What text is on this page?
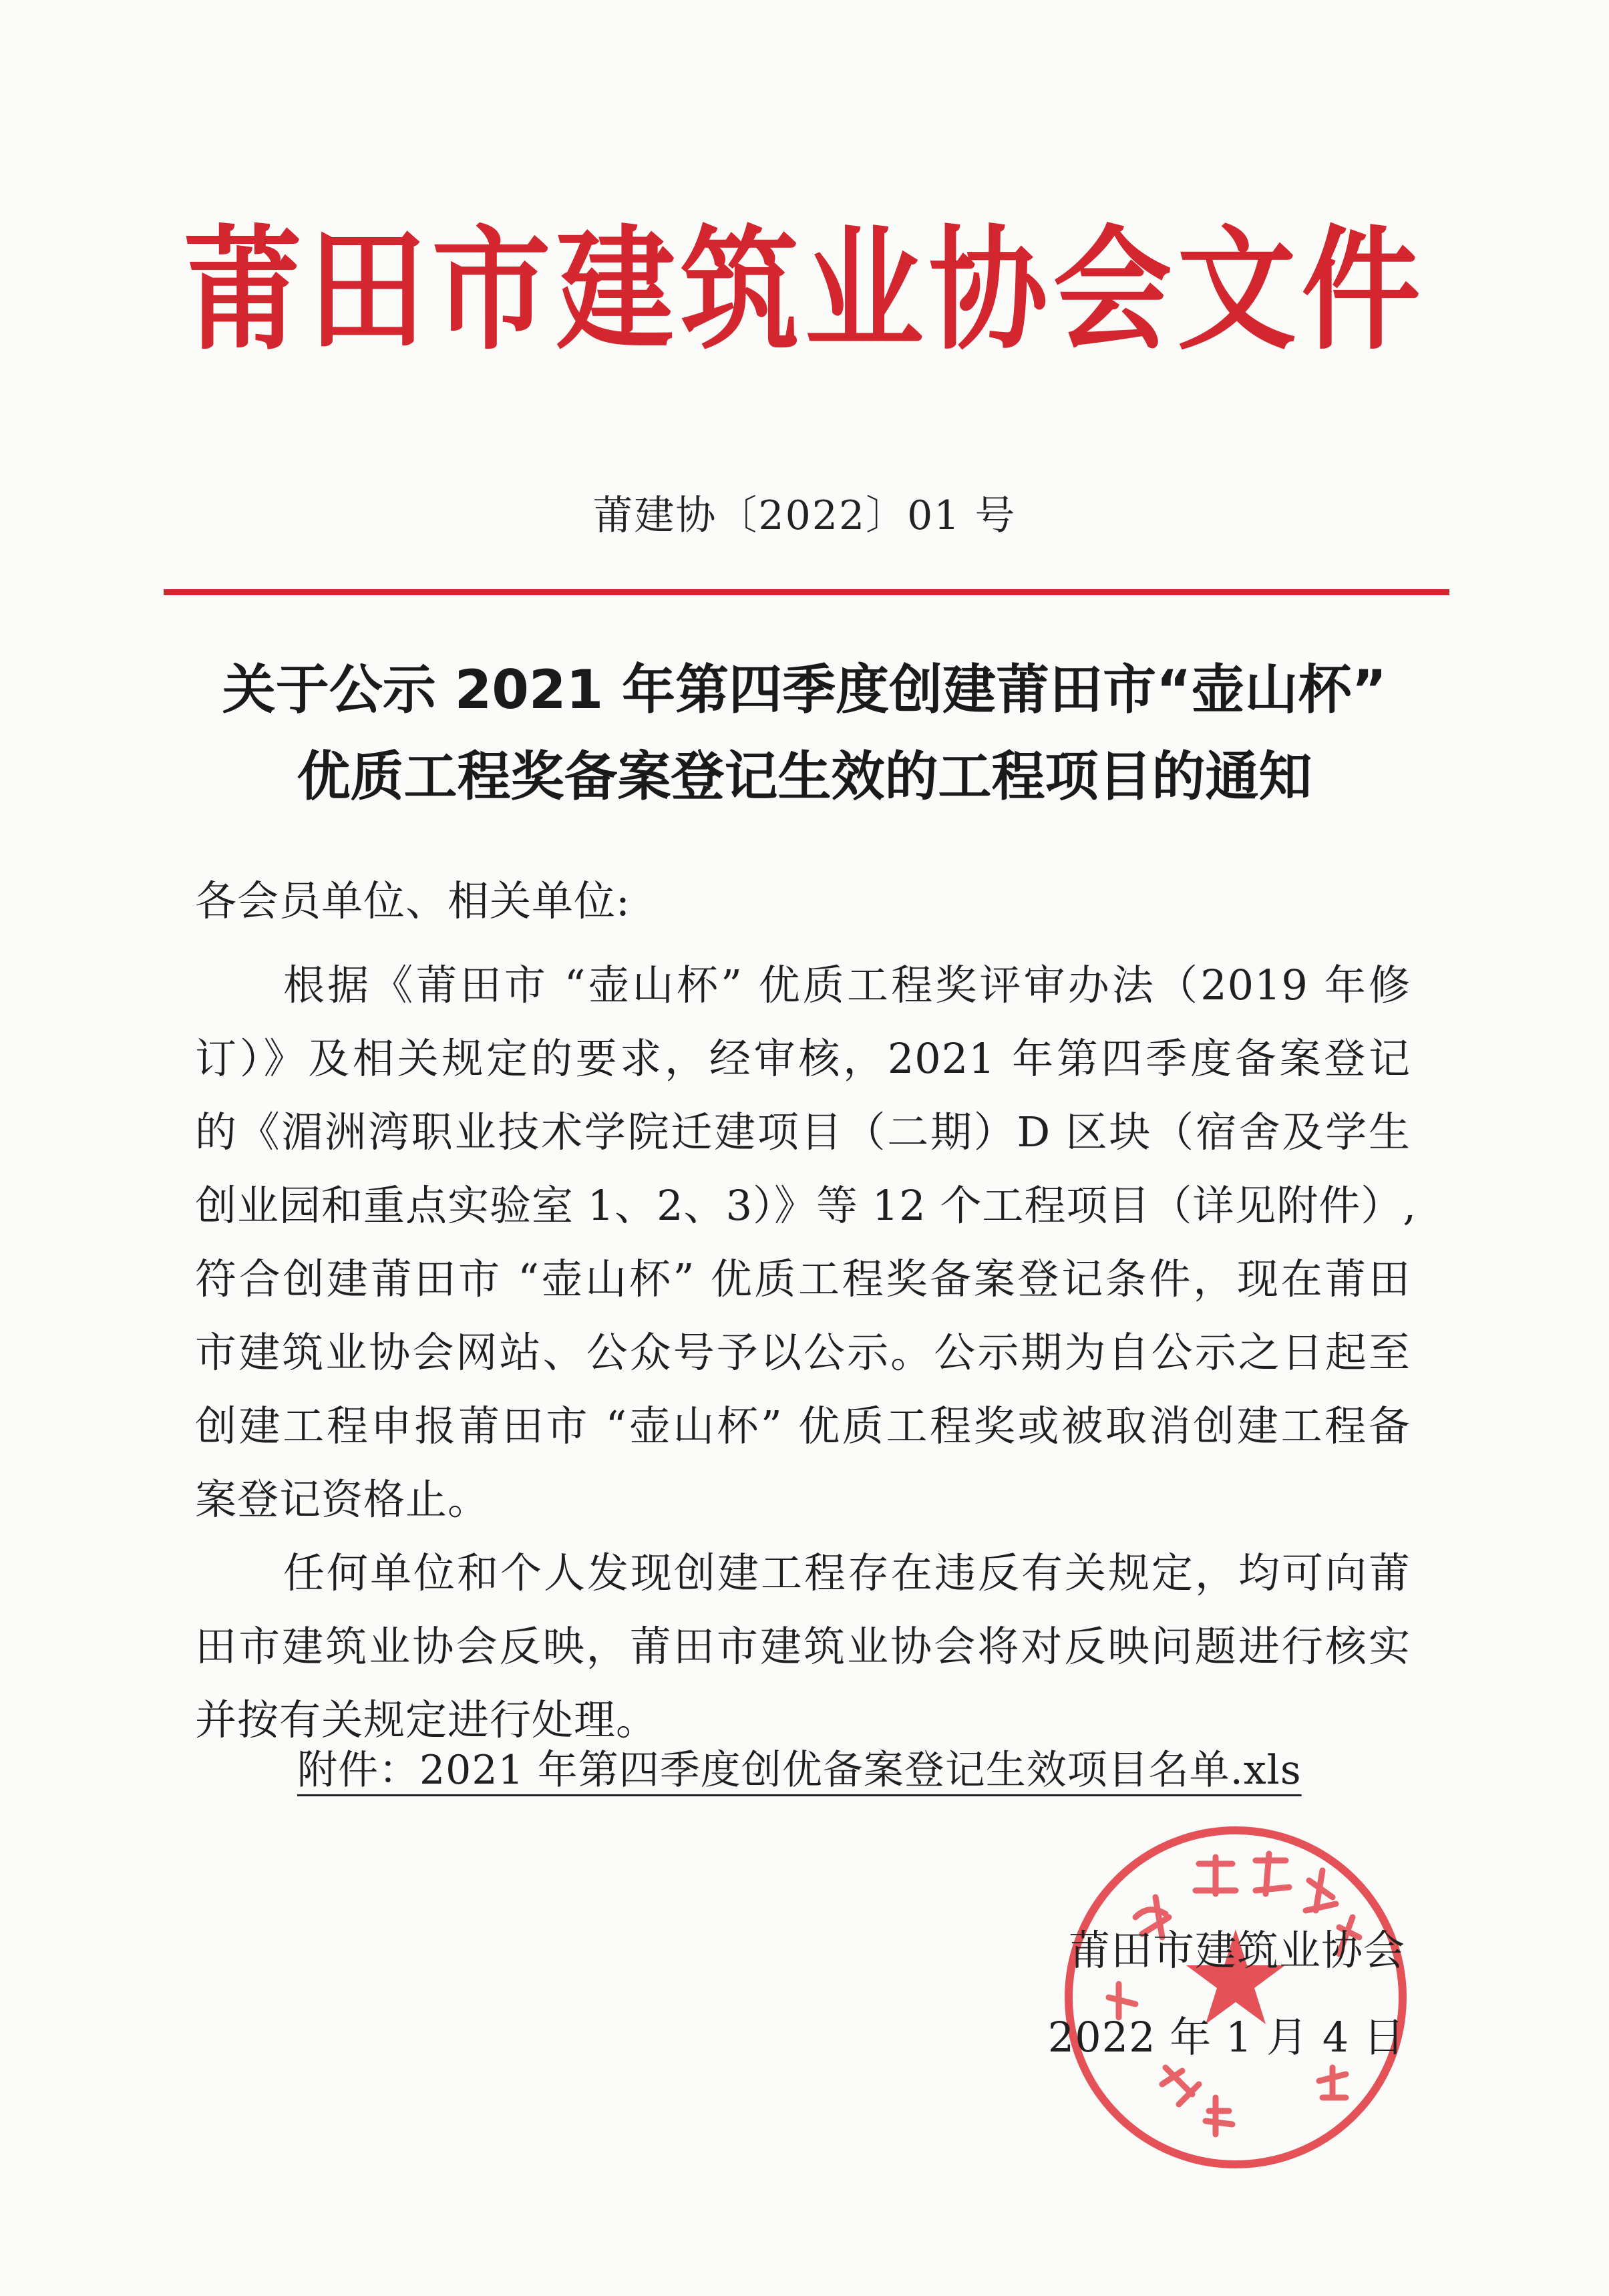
莆田市建筑业协会文件
莆建协〔2022〕01 号
关于公示 2021 年第四季度创建莆田市“壶山杯”
优质工程奖备案登记生效的工程项目的通知
各会员单位、相关单位:
根据《莆田市 “壶山杯” 优质工程奖评审办法（2019 年修
订）》及相关规定的要求，经审核，2021 年第四季度备案登记
的《湄洲湾职业技术学院迁建项目（二期）D 区块（宿舍及学生
创业园和重点实验室 1、2、3）》等 12 个工程项目（详见附件）,
符合创建莆田市 “壶山杯” 优质工程奖备案登记条件，现在莆田
市建筑业协会网站、公众号予以公示。公示期为自公示之日起至
创建工程申报莆田市 “壶山杯” 优质工程奖或被取消创建工程备
案登记资格止。
任何单位和个人发现创建工程存在违反有关规定，均可向莆
田市建筑业协会反映，莆田市建筑业协会将对反映问题进行核实
并按有关规定进行处理。
附件：2021 年第四季度创优备案登记生效项目名单.xls
莆田市建筑业协会
2022 年 1 月 4 日
